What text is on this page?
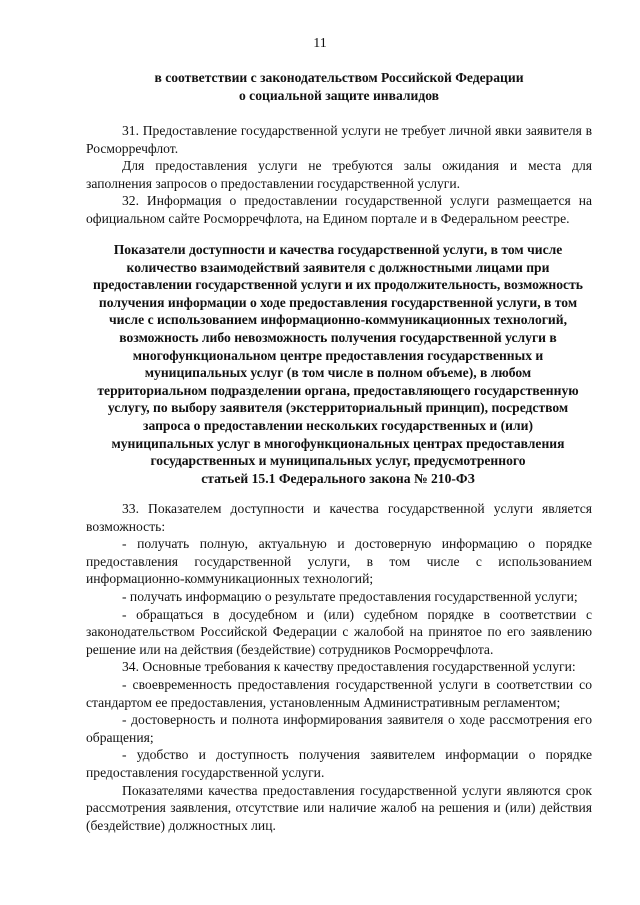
11

в соответствии с законодательством Российской Федерации

о социальной защите инвалидов

31. Предоставление государственной услуги не требует личной явки заявителя в Росморречфлот.

Для предоставления услуги не требуются залы ожидания и места для заполнения запросов о предоставлении государственной услуги.

32. Информация о предоставлении государственной услуги размещается на официальном сайте Росморречфлота, на Едином портале и в Федеральном реестре.

Показатели доступности и качества государственной услуги, в том числе

количество взаимодействий заявителя с должностными лицами при

предоставлении государственной услуги и их продолжительность, возможность

получения информации о ходе предоставления государственной услуги, в том

числе с использованием информационно-коммуникационных технологий,

возможность либо невозможность получения государственной услуги в

многофункциональном центре предоставления государственных и

муниципальных услуг (в том числе в полном объеме), в любом

территориальном подразделении органа, предоставляющего государственную

услугу, по выбору заявителя (экстерриториальный принцип), посредством

запроса о предоставлении нескольких государственных и (или)

муниципальных услуг в многофункциональных центрах предоставления

государственных и муниципальных услуг, предусмотренного

статьей 15.1 Федерального закона № 210-ФЗ

33. Показателем доступности и качества государственной услуги является возможность:

- получать полную, актуальную и достоверную информацию о порядке предоставления государственной услуги, в том числе с использованием информационно-коммуникационных технологий;

- получать информацию о результате предоставления государственной услуги;

- обращаться в досудебном и (или) судебном порядке в соответствии с законодательством Российской Федерации с жалобой на принятое по его заявлению решение или на действия (бездействие) сотрудников Росморречфлота.

34. Основные требования к качеству предоставления государственной услуги:

- своевременность предоставления государственной услуги в соответствии со стандартом ее предоставления, установленным Административным регламентом;

- достоверность и полнота информирования заявителя о ходе рассмотрения его обращения;

- удобство и доступность получения заявителем информации о порядке предоставления государственной услуги.

Показателями качества предоставления государственной услуги являются срок рассмотрения заявления, отсутствие или наличие жалоб на решения и (или) действия (бездействие) должностных лиц.
